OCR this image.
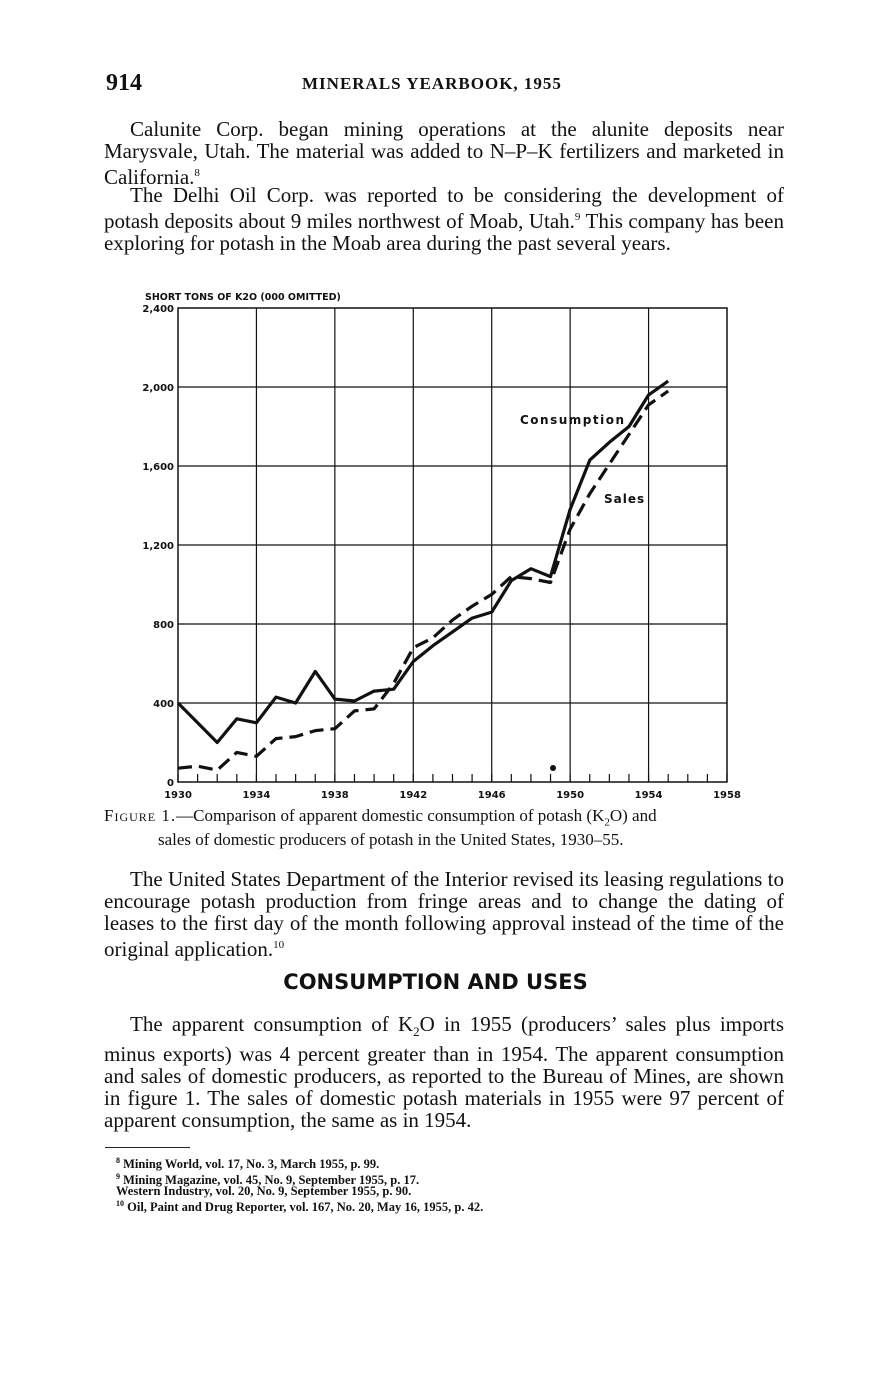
914	MINERALS YEARBOOK, 1955

Calunite Corp. began mining operations at the alunite deposits near Marysvale, Utah. The material was added to N–P–K fertilizers and marketed in California.$^8$

The Delhi Oil Corp. was reported to be considering the development of potash deposits about 9 miles northwest of Moab, Utah.$^9$ This company has been exploring for potash in the Moab area during the past several years.

SHORT TONS OF K2O (000 OMITTED)
0
400
800
1,200
1,600
2,000
2,400
1930	1934	1938	1942	1946	1950	1954	1958
Consumption
Sales
Figure 1.—Comparison of apparent domestic consumption of potash $(K_2O)$ and
sales of domestic producers of potash in the United States, 1930–55.

The United States Department of the Interior revised its leasing regulations to encourage potash production from fringe areas and to change the dating of leases to the first day of the month following approval instead of the time of the original application.$^{10}$

CONSUMPTION AND USES

The apparent consumption of $K_2O$ in 1955 (producers’ sales plus imports minus exports) was 4 percent greater than in 1954. The apparent consumption and sales of domestic producers, as reported to the Bureau of Mines, are shown in figure 1. The sales of domestic potash materials in 1955 were 97 percent of apparent consumption, the same as in 1954.

$^8$ Mining World, vol. 17, No. 3, March 1955, p. 99.
$^9$ Mining Magazine, vol. 45, No. 9, September 1955, p. 17.
Western Industry, vol. 20, No. 9, September 1955, p. 90.
$^{10}$ Oil, Paint and Drug Reporter, vol. 167, No. 20, May 16, 1955, p. 42.
